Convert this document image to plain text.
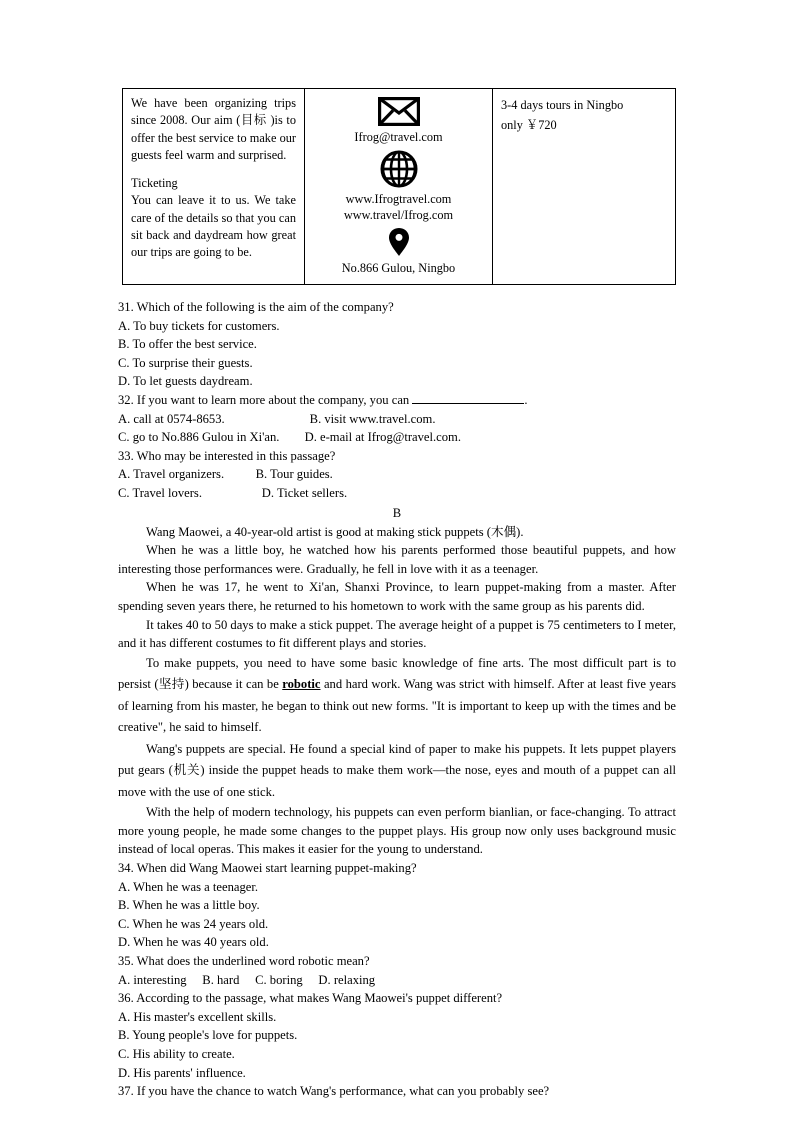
We have been organizing trips since 2008. Our aim (目标 )is to offer the best service to make our guests feel warm and surprised.
Ticketing
You can leave it to us. We take care of the details so that you can sit back and daydream how great our trips are going to be.

Ifrog@travel.com
www.Ifrogtravel.com
www.travel/Ifrog.com
No.866 Gulou, Ningbo

3-4 days tours in Ningbo
only ￥720
31. Which of the following is the aim of the company?
A. To buy tickets for customers.
B. To offer the best service.
C. To surprise their guests.
D. To let guests daydream.
32. If you want to learn more about the company, you can	.
A. call at 0574-8653.                           B. visit www.travel.com.
C. go to No.886 Gulou in Xi'an.        D. e-mail at Ifrog@travel.com.
33. Who may be interested in this passage?
A. Travel organizers.          B. Tour guides.
C. Travel lovers.                   D. Ticket sellers.
B
Wang Maowei, a 40-year-old artist is good at making stick puppets (木偶).
When he was a little boy, he watched how his parents performed those beautiful puppets, and how interesting those performances were. Gradually, he fell in love with it as a teenager.
When he was 17, he went to Xi'an, Shanxi Province, to learn puppet-making from a master. After spending seven years there, he returned to his hometown to work with the same group as his parents did.
It takes 40 to 50 days to make a stick puppet. The average height of a puppet is 75 centimeters to I meter, and it has different costumes to fit different plays and stories.
To make puppets, you need to have some basic knowledge of fine arts. The most difficult part is to persist (坚持) because it can be robotic and hard work. Wang was strict with himself. After at least five years of learning from his master, he began to think out new forms. "It is important to keep up with the times and be creative", he said to himself.
Wang's puppets are special. He found a special kind of paper to make his puppets. It lets puppet players put gears (机关) inside the puppet heads to make them work—the nose, eyes and mouth of a puppet can all move with the use of one stick.
With the help of modern technology, his puppets can even perform bianlian, or face-changing. To attract more young people, he made some changes to the puppet plays. His group now only uses background music instead of local operas. This makes it easier for the young to understand.
34. When did Wang Maowei start learning puppet-making?
A. When he was a teenager.
B. When he was a little boy.
C. When he was 24 years old.
D. When he was 40 years old.
35. What does the underlined word robotic mean?
A. interesting     B. hard     C. boring     D. relaxing
36. According to the passage, what makes Wang Maowei's puppet different?
A. His master's excellent skills.
B. Young people's love for puppets.
C. His ability to create.
D. His parents' influence.
37. If you have the chance to watch Wang's performance, what can you probably see?
